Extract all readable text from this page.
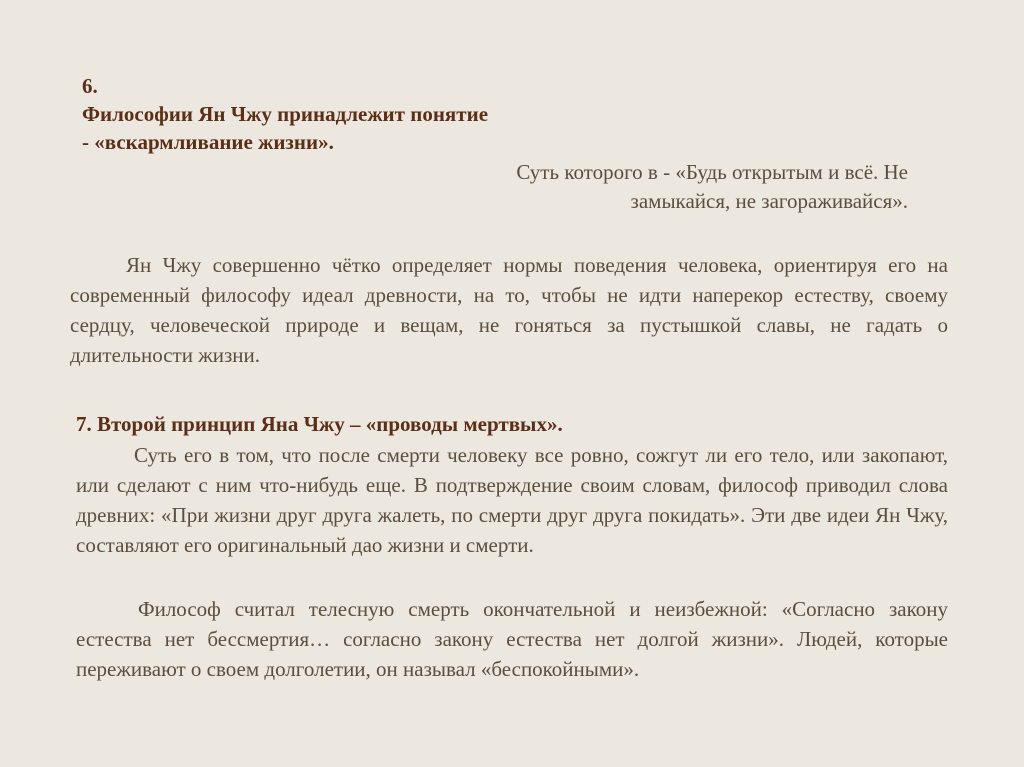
6.
Философии Ян Чжу принадлежит понятие
- «вскармливание жизни».
Суть которого в - «Будь открытым и всё. Не
замыкайся, не загораживайся».

Ян Чжу совершенно чётко определяет нормы поведения человека, ориентируя его на современный философу идеал древности, на то, чтобы не идти наперекор естеству, своему сердцу, человеческой природе и вещам, не гоняться за пустышкой славы, не гадать о длительности жизни.

7. Второй принцип Яна Чжу – «проводы мертвых».

Суть его в том, что после смерти человеку все ровно, сожгут ли его тело, или закопают, или сделают с ним что-нибудь еще. В подтверждение своим словам, философ приводил слова древних: «При жизни друг друга жалеть, по смерти друг друга покидать». Эти две идеи Ян Чжу, составляют его оригинальный дао жизни и смерти.

Философ считал телесную смерть окончательной и неизбежной: «Согласно закону естества нет бессмертия… согласно закону естества нет долгой жизни». Людей, которые переживают о своем долголетии, он называл «беспокойными».
